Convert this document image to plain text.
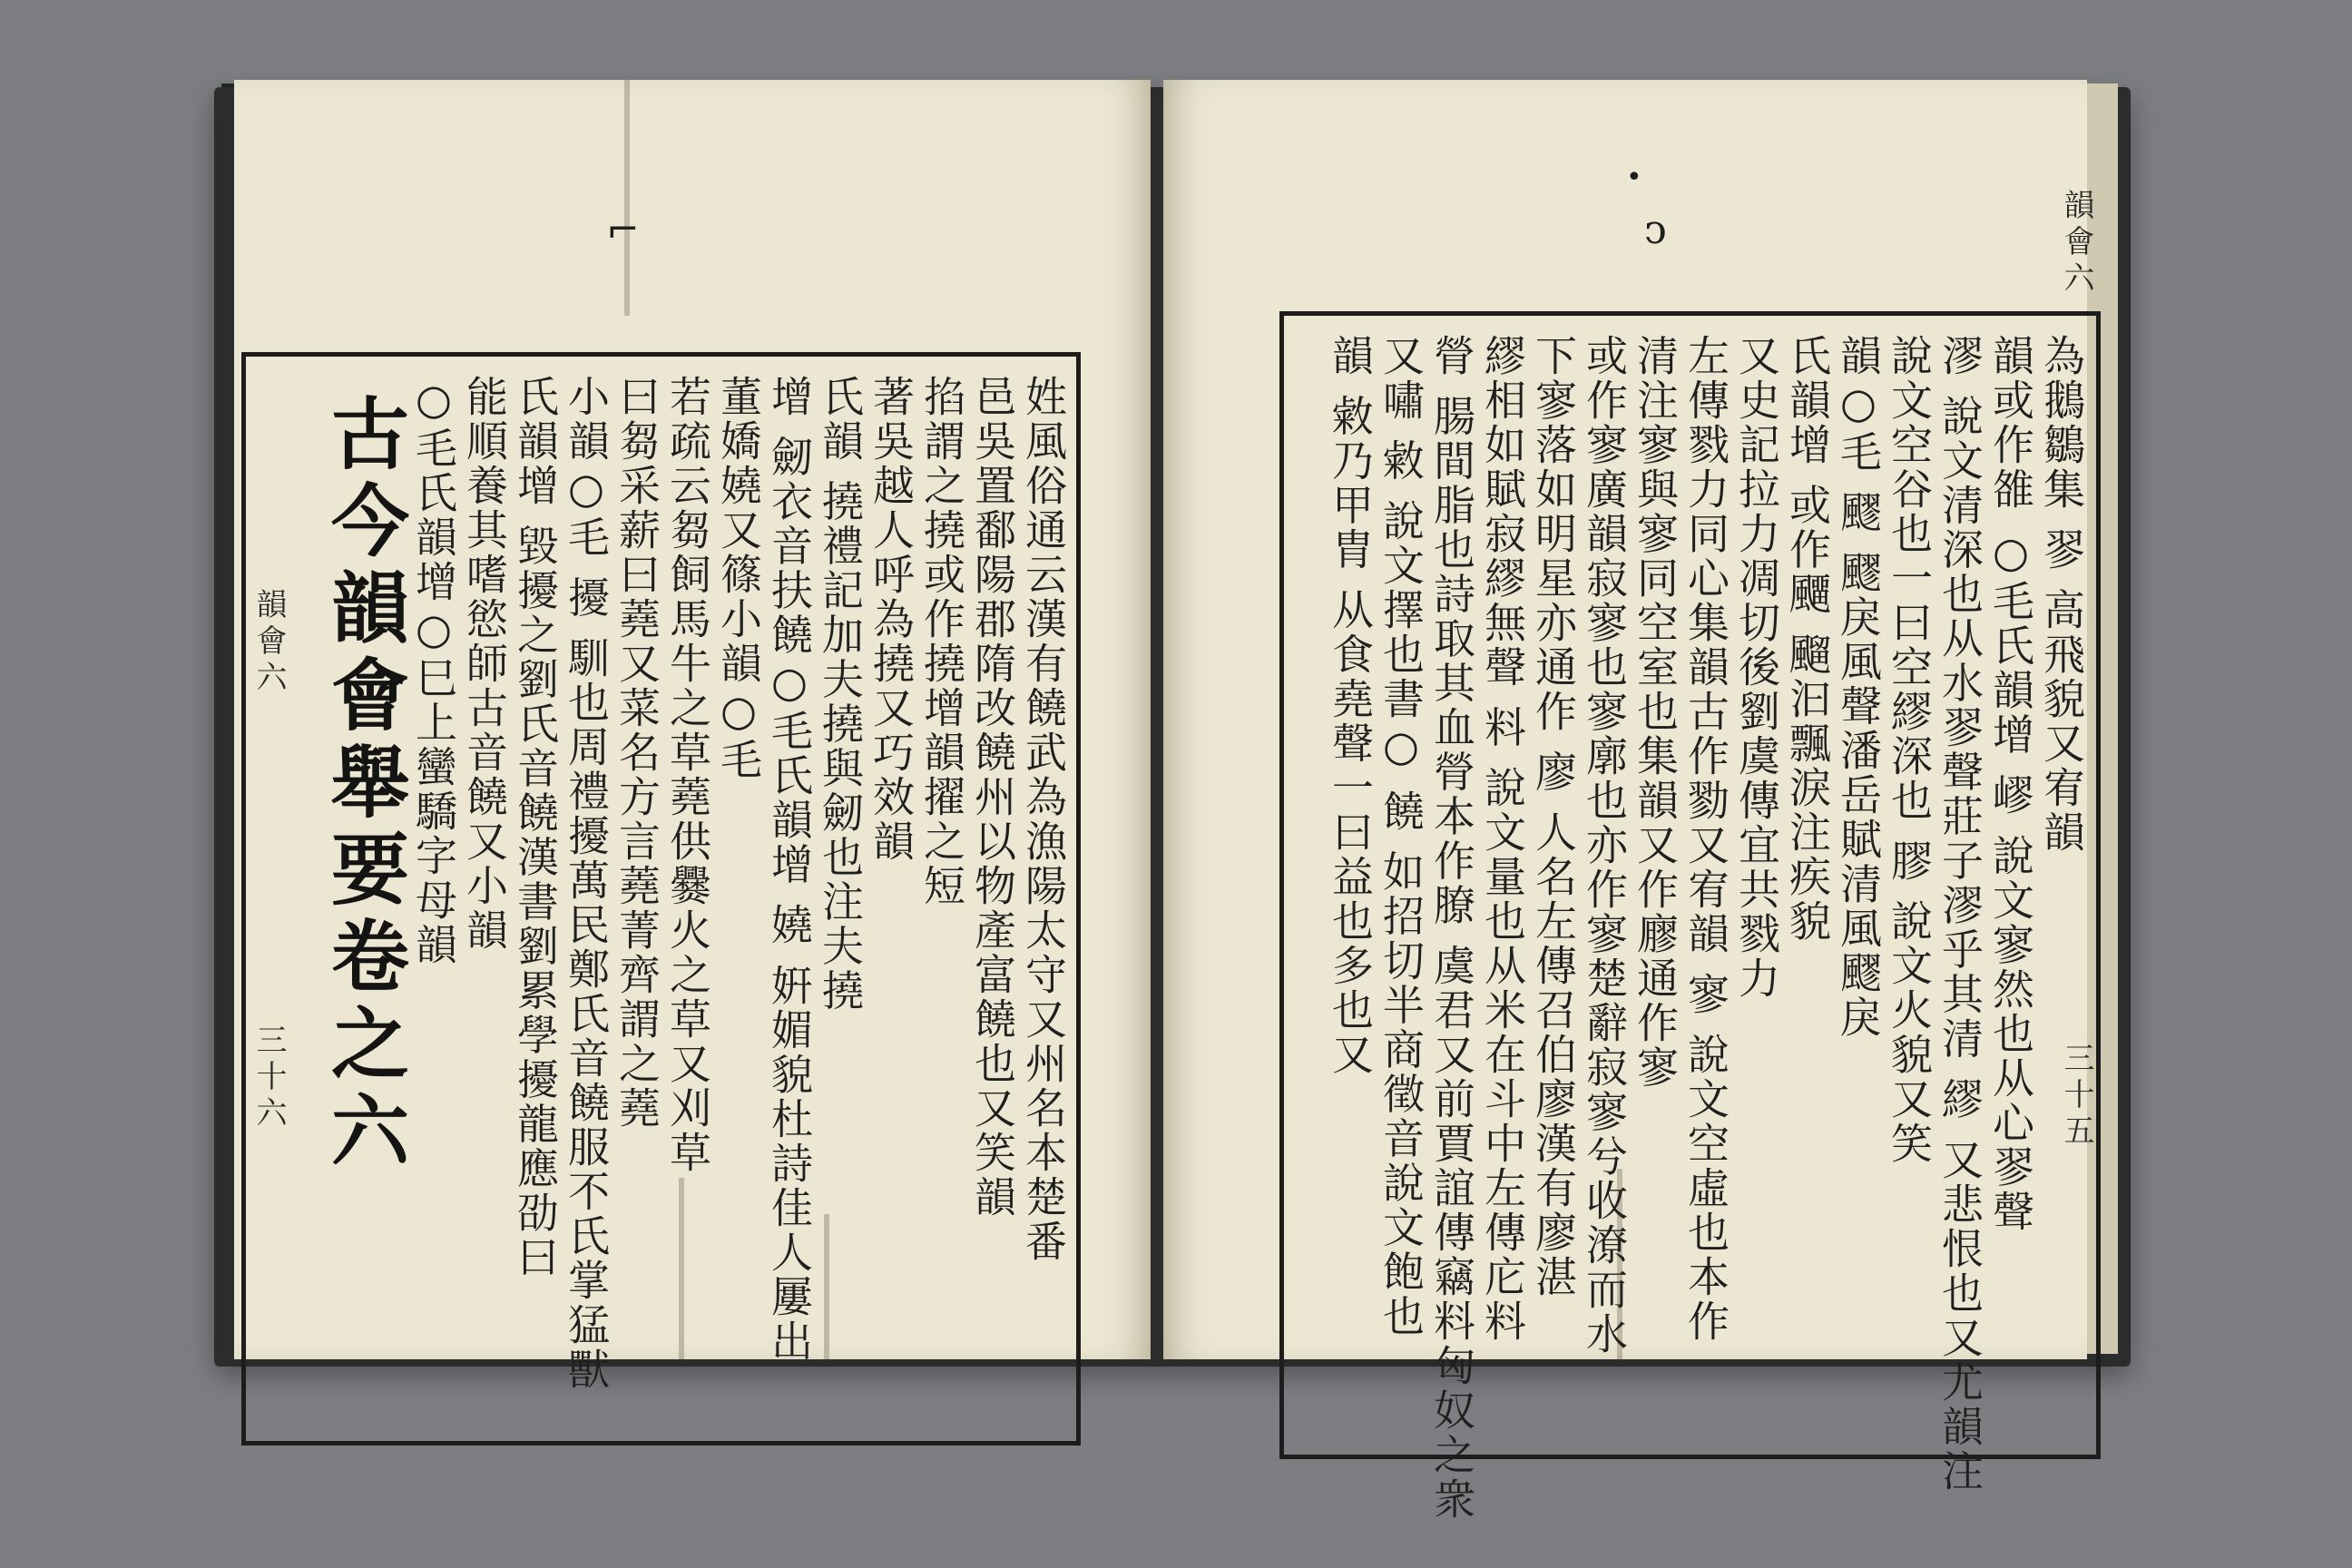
⌐
姓風俗通云漢有饒武為漁陽太守又州名本楚番
邑吳置鄱陽郡隋改饒州以物產富饒也又笑韻
掐謂之撓或作撓增韻擢之短
著吳越人呼為撓又巧效韻
氏韻 撓禮記加夫撓與劒也注夫撓
增 劒衣音扶饒○毛氏韻增 嬈 姸媚貌杜詩佳人屢出
董嬌嬈又篠小韻○毛
若疏云芻飼馬牛之草蕘供爨火之草又刈草
曰芻采薪曰蕘又菜名方言蕘菁齊謂之蕘
小韻○毛 擾 馴也周禮擾萬民鄭氏音饒服不氏掌猛獸
氏韻增 毀擾之劉氏音饒漢書劉累學擾龍應劭曰
能順養其嗜慾師古音饒又小韻
○毛氏韻增○巳上蠻驕字母韻
古今韻會舉要卷之六
韻會六
三十六
ↄ
•
為鵝鶵集 翏 高飛貌又宥韻
韻或作雒 ○毛氏韻增 嵺 說文寥然也从心翏聲
漻 說文清深也从水翏聲莊子漻乎其清 繆 又悲恨也又尤韻注
說文空谷也一曰空繆深也 膠 說文火貌又笑
韻○毛 飂 飂戾風聲潘岳賦清風飂戾
氏韻增 或作飅 飀汩飄淚注疾貌
又史記拉力凋切後劉虞傳宜共戮力
左傳戮力同心集韻古作勠又宥韻 寥 說文空虛也本作
清注寥與寥同空室也集韻又作廫通作寥
或作寥廣韻寂寥也寥廓也亦作寥楚辭寂寥兮收潦而水
下寥落如明星亦通作 廖 人名左傳召伯廖漢有廖湛
繆相如賦寂繆無聲 料 說文量也从米在斗中左傳庀料
膋 腸間脂也詩取其血膋本作膫 虞君又前賈誼傳竊料匈奴之衆
又嘯 敹 說文擇也書○ 饒 如招切半商徵音說文飽也
韻 敹乃甲胄 从食堯聲一曰益也多也又
韻會六
三十五
